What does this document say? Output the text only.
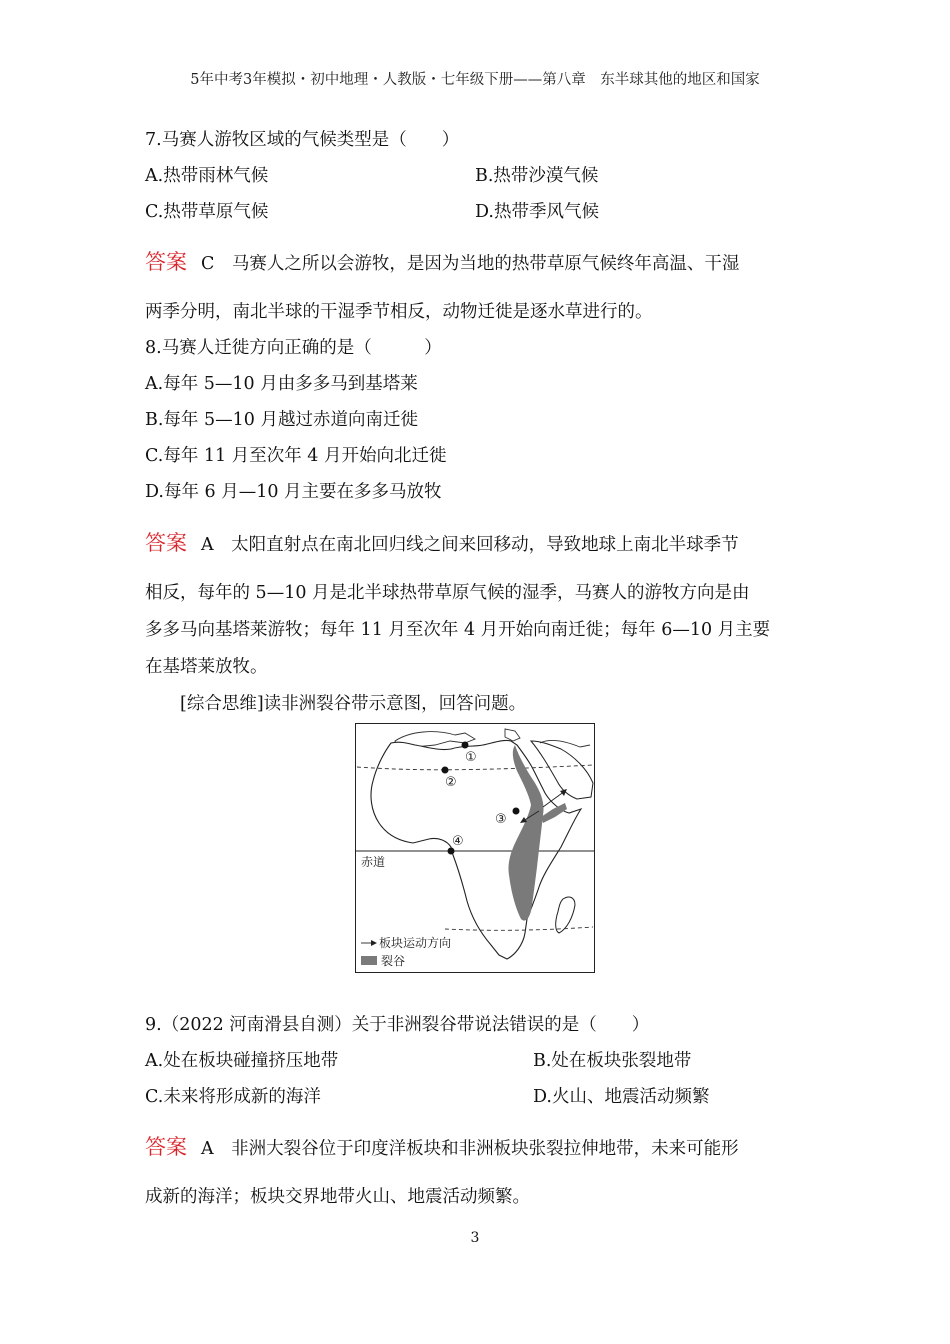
5年中考3年模拟・初中地理・人教版・七年级下册——第八章　东半球其他的地区和国家
7.马赛人游牧区域的气候类型是（　　）
A.热带雨林气候	B.热带沙漠气候
C.热带草原气候	D.热带季风气候
答案 C　马赛人之所以会游牧，是因为当地的热带草原气候终年高温、干湿
两季分明，南北半球的干湿季节相反，动物迁徙是逐水草进行的。
8.马赛人迁徙方向正确的是（　　　）
A.每年 5—10 月由多多马到基塔莱
B.每年 5—10 月越过赤道向南迁徙
C.每年 11 月至次年 4 月开始向北迁徙
D.每年 6 月—10 月主要在多多马放牧
答案 A　太阳直射点在南北回归线之间来回移动，导致地球上南北半球季节
相反，每年的 5—10 月是北半球热带草原气候的湿季，马赛人的游牧方向是由
多多马向基塔莱游牧；每年 11 月至次年 4 月开始向南迁徙；每年 6—10 月主要
在基塔莱放牧。
[综合思维]读非洲裂谷带示意图，回答问题。
①
②
③
④
赤道
板块运动方向
裂谷
9.（2022 河南滑县自测）关于非洲裂谷带说法错误的是（　　）
A.处在板块碰撞挤压地带	B.处在板块张裂地带
C.未来将形成新的海洋	D.火山、地震活动频繁
答案 A　非洲大裂谷位于印度洋板块和非洲板块张裂拉伸地带，未来可能形
成新的海洋；板块交界地带火山、地震活动频繁。
3
